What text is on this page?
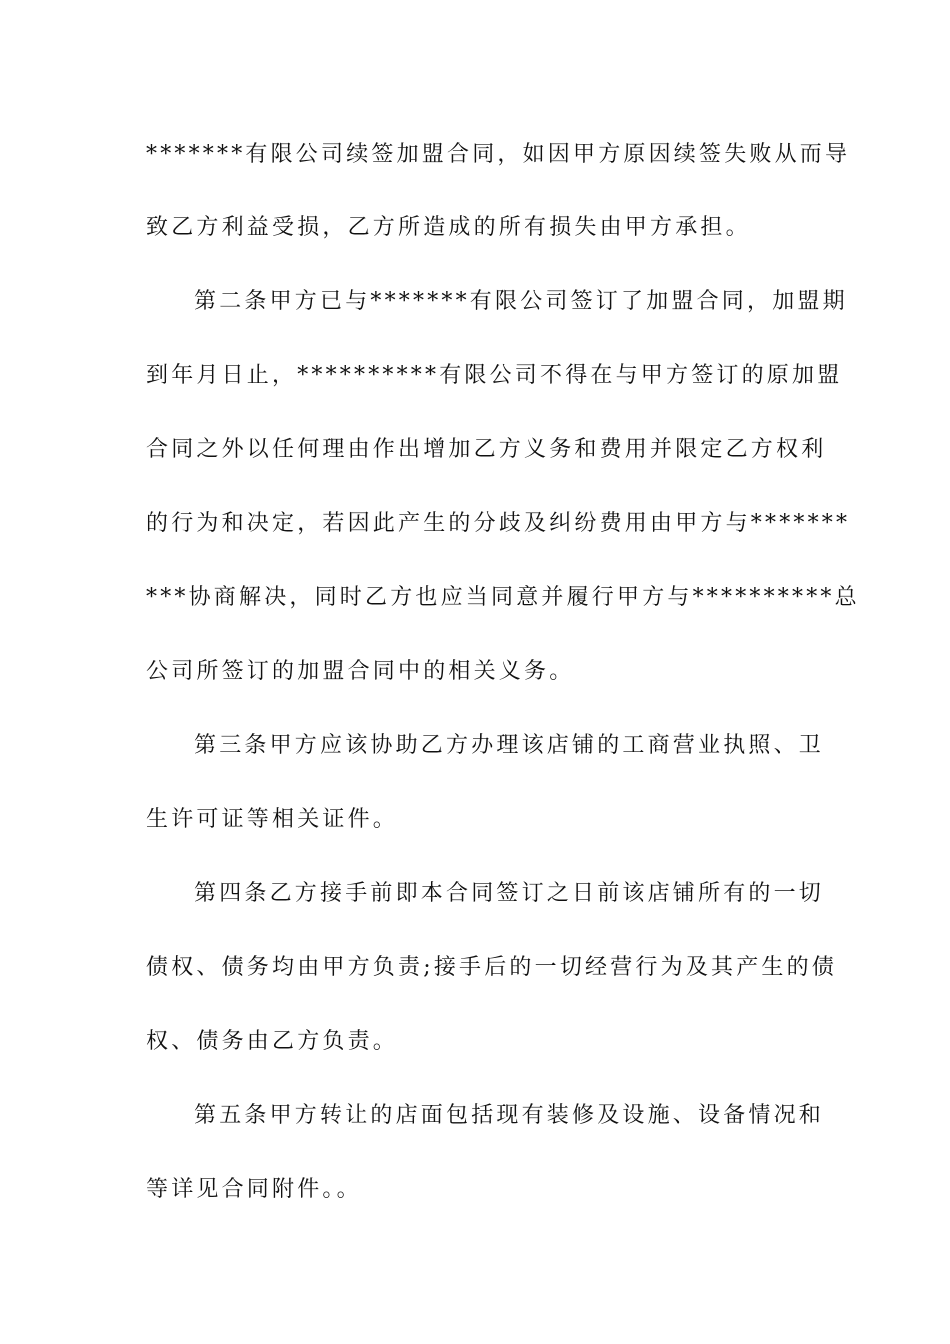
*******有限公司续签加盟合同，如因甲方原因续签失败从而导
致乙方利益受损，乙方所造成的所有损失由甲方承担。
第二条甲方已与*******有限公司签订了加盟合同，加盟期
到年月日止，**********有限公司不得在与甲方签订的原加盟
合同之外以任何理由作出增加乙方义务和费用并限定乙方权利
的行为和决定，若因此产生的分歧及纠纷费用由甲方与*******
***协商解决，同时乙方也应当同意并履行甲方与**********总
公司所签订的加盟合同中的相关义务。
第三条甲方应该协助乙方办理该店铺的工商营业执照、卫
生许可证等相关证件。
第四条乙方接手前即本合同签订之日前该店铺所有的一切
债权、债务均由甲方负责;接手后的一切经营行为及其产生的债
权、债务由乙方负责。
第五条甲方转让的店面包括现有装修及设施、设备情况和
等详见合同附件。。
